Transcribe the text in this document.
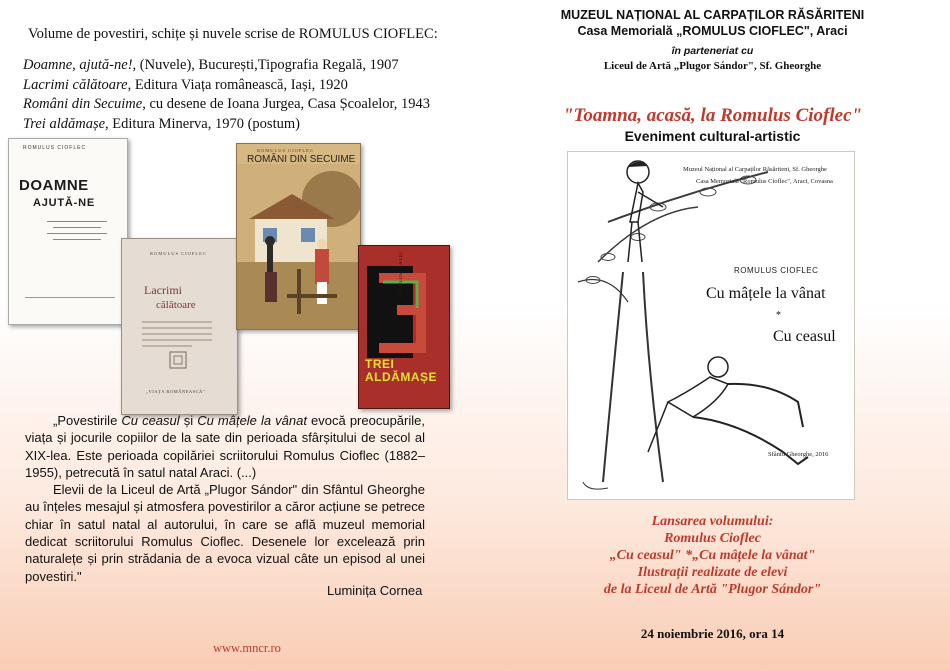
Volume de povestiri, schițe și nuvele scrise de ROMULUS CIOFLEC:
Doamne, ajută-ne!, (Nuvele), București,Tipografia Regală, 1907
Lacrimi călătoare, Editura Viața românească, Iași, 1920
Români din Secuime, cu desene de Ioana Jurgea, Casa Școalelor, 1943
Trei aldămașe, Editura Minerva, 1970 (postum)
ROMULUS CIOFLEC
DOAMNE
AJUTĂ-NE
ROMULUS CIOFLEC
Lacrimi
călătoare
„VIAȚA ROMÂNEASCĂ"
ROMULUS CIOFLEC
ROMÂNI DIN SECUIME
ROMULUS CIOFLEC
TREI
ALDĂMAȘE

„Povestirile Cu ceasul și Cu mâțele la vânat evocă preocupările, viața și jocurile copiilor de la sate din perioada sfârșitului de secol al XIX-lea. Este perioada copilăriei scriitorului Romulus Cioflec (1882–1955), petrecută în satul natal Araci. (...)

Elevii de la Liceul de Artă „Plugor Sándor" din Sfântul Gheorghe au înțeles mesajul și atmosfera povestirilor a căror acțiune se petrece chiar în satul natal al autorului, în care se află muzeul memorial dedicat scriitorului Romulus Cioflec. Desenele lor excelează prin naturalețe și prin strădania de a evoca vizual câte un episod al unei povestiri."

Luminița Cornea
www.mncr.ro
MUZEUL NAȚIONAL AL CARPAȚILOR RĂSĂRITENI
Casa Memorială „ROMULUS CIOFLEC", Araci
în parteneriat cu
Liceul de Artă „Plugor Sándor", Sf. Gheorghe
"Toamna, acasă, la Romulus Cioflec"
Eveniment cultural-artistic
Muzeul Național al Carpaților Răsăriteni, Sf. Gheorghe
Casa Memorială "Romulus Cioflec", Araci, Covasna
ROMULUS CIOFLEC
Cu mâțele la vânat
*
Cu ceasul
Sfântu Gheorghe, 2016
Lansarea volumului:
Romulus Cioflec
„Cu ceasul" *„Cu mâțele la vânat"
Ilustrații realizate de elevi
de la Liceul de Artă "Plugor Sándor"
24 noiembrie 2016, ora 14
